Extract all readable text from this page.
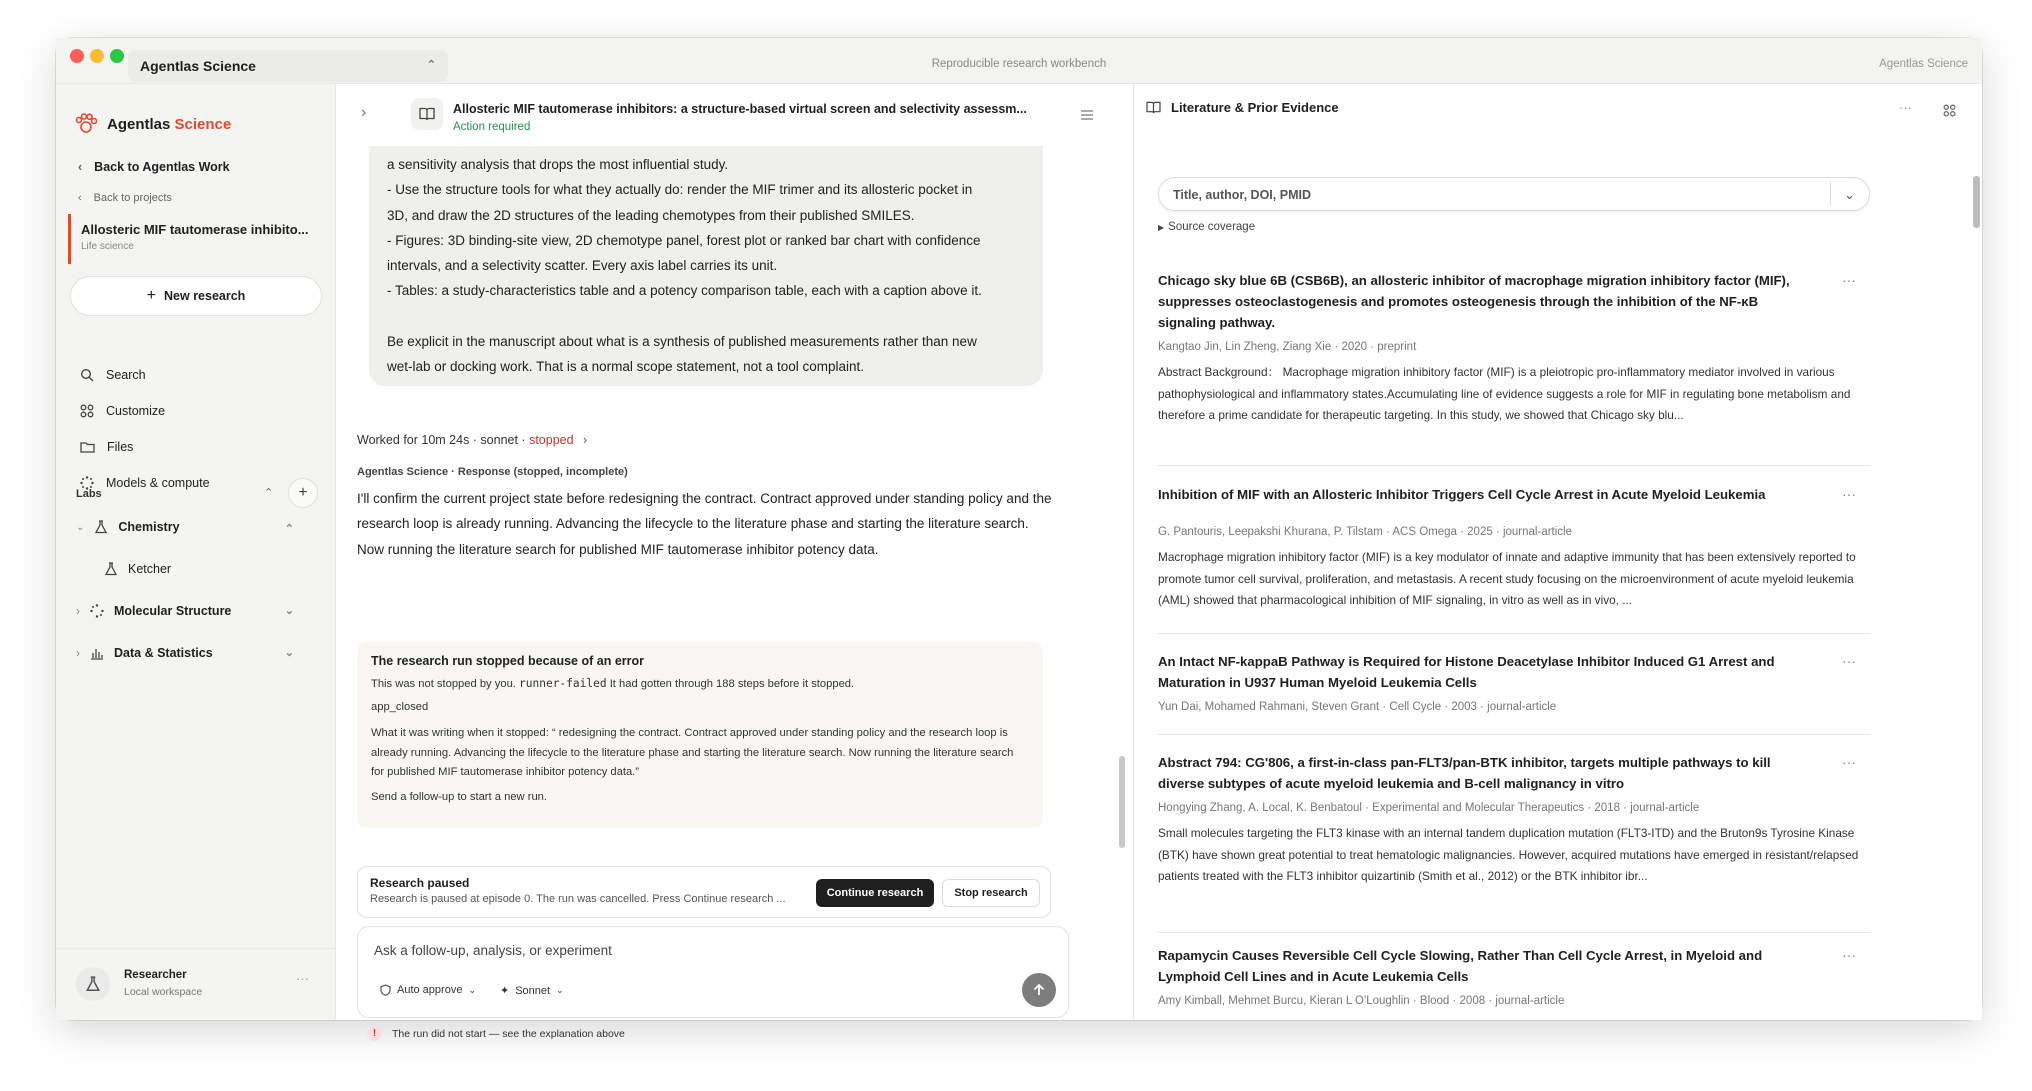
Agentlas Science	⌃	Reproducible research workbench	Agentlas Science
Agentlas Science
‹ Back to Agentlas Work
‹ Back to projects
Allosteric MIF tautomerase inhibito...
Life science
+ New research
Search
Customize
Files
Models & compute
Labs	⌃	+
⌄	Chemistry	⌃
Ketcher
›	Molecular Structure	⌄
›	Data & Statistics	⌄
Researcher
Local workspace
···
›	Allosteric MIF tautomerase inhibitors: a structure-based virtual screen and selectivity assessm...
Action required
a sensitivity analysis that drops the most influential study.
- Use the structure tools for what they actually do: render the MIF trimer and its allosteric pocket in
3D, and draw the 2D structures of the leading chemotypes from their published SMILES.
- Figures: 3D binding-site view, 2D chemotype panel, forest plot or ranked bar chart with confidence
intervals, and a selectivity scatter. Every axis label carries its unit.
- Tables: a study-characteristics table and a potency comparison table, each with a caption above it.
Be explicit in the manuscript about what is a synthesis of published measurements rather than new
wet-lab or docking work. That is a normal scope statement, not a tool complaint.
Worked for 10m 24s · sonnet · stopped ›
Agentlas Science · Response (stopped, incomplete)
I'll confirm the current project state before redesigning the contract. Contract approved under standing policy and the research loop is already running. Advancing the lifecycle to the literature phase and starting the literature search. Now running the literature search for published MIF tautomerase inhibitor potency data.
The research run stopped because of an error
This was not stopped by you. runner-failed It had gotten through 188 steps before it stopped.
app_closed
What it was writing when it stopped: “ redesigning the contract. Contract approved under standing policy and the research loop is already running. Advancing the lifecycle to the literature phase and starting the literature search. Now running the literature search for published MIF tautomerase inhibitor potency data.”
Send a follow-up to start a new run.
Research paused
Research is paused at episode 0. The run was cancelled. Press Continue research ...	Continue research	Stop research
Ask a follow-up, analysis, or experiment
Auto approve ⌄ ✦ Sonnet ⌄
!	The run did not start — see the explanation above
Literature & Prior Evidence	···
Title, author, DOI, PMID	⌄
▶ Source coverage
Chicago sky blue 6B (CSB6B), an allosteric inhibitor of macrophage migration inhibitory factor (MIF), suppresses osteoclastogenesis and promotes osteogenesis through the inhibition of the NF-κB signaling pathway.
Kangtao Jin, Lin Zheng, Ziang Xie · 2020 · preprint
Abstract Background： Macrophage migration inhibitory factor (MIF) is a pleiotropic pro-inflammatory mediator involved in various pathophysiological and inflammatory states.Accumulating line of evidence suggests a role for MIF in regulating bone metabolism and therefore a prime candidate for therapeutic targeting. In this study, we showed that Chicago sky blu...
···
Inhibition of MIF with an Allosteric Inhibitor Triggers Cell Cycle Arrest in Acute Myeloid Leukemia
G. Pantouris, Leepakshi Khurana, P. Tilstam · ACS Omega · 2025 · journal-article
Macrophage migration inhibitory factor (MIF) is a key modulator of innate and adaptive immunity that has been extensively reported to promote tumor cell survival, proliferation, and metastasis. A recent study focusing on the microenvironment of acute myeloid leukemia (AML) showed that pharmacological inhibition of MIF signaling, in vitro as well as in vivo, ...
···
An Intact NF-kappaB Pathway is Required for Histone Deacetylase Inhibitor Induced G1 Arrest and Maturation in U937 Human Myeloid Leukemia Cells
Yun Dai, Mohamed Rahmani, Steven Grant · Cell Cycle · 2003 · journal-article
···
Abstract 794: CG'806, a first-in-class pan-FLT3/pan-BTK inhibitor, targets multiple pathways to kill diverse subtypes of acute myeloid leukemia and B-cell malignancy in vitro
Hongying Zhang, A. Local, K. Benbatoul · Experimental and Molecular Therapeutics · 2018 · journal-article
Small molecules targeting the FLT3 kinase with an internal tandem duplication mutation (FLT3-ITD) and the Bruton9s Tyrosine Kinase (BTK) have shown great potential to treat hematologic malignancies. However, acquired mutations have emerged in resistant/relapsed patients treated with the FLT3 inhibitor quizartinib (Smith et al., 2012) or the BTK inhibitor ibr...
···
Rapamycin Causes Reversible Cell Cycle Slowing, Rather Than Cell Cycle Arrest, in Myeloid and Lymphoid Cell Lines and in Acute Leukemia Cells
Amy Kimball, Mehmet Burcu, Kieran L O'Loughlin · Blood · 2008 · journal-article
···
